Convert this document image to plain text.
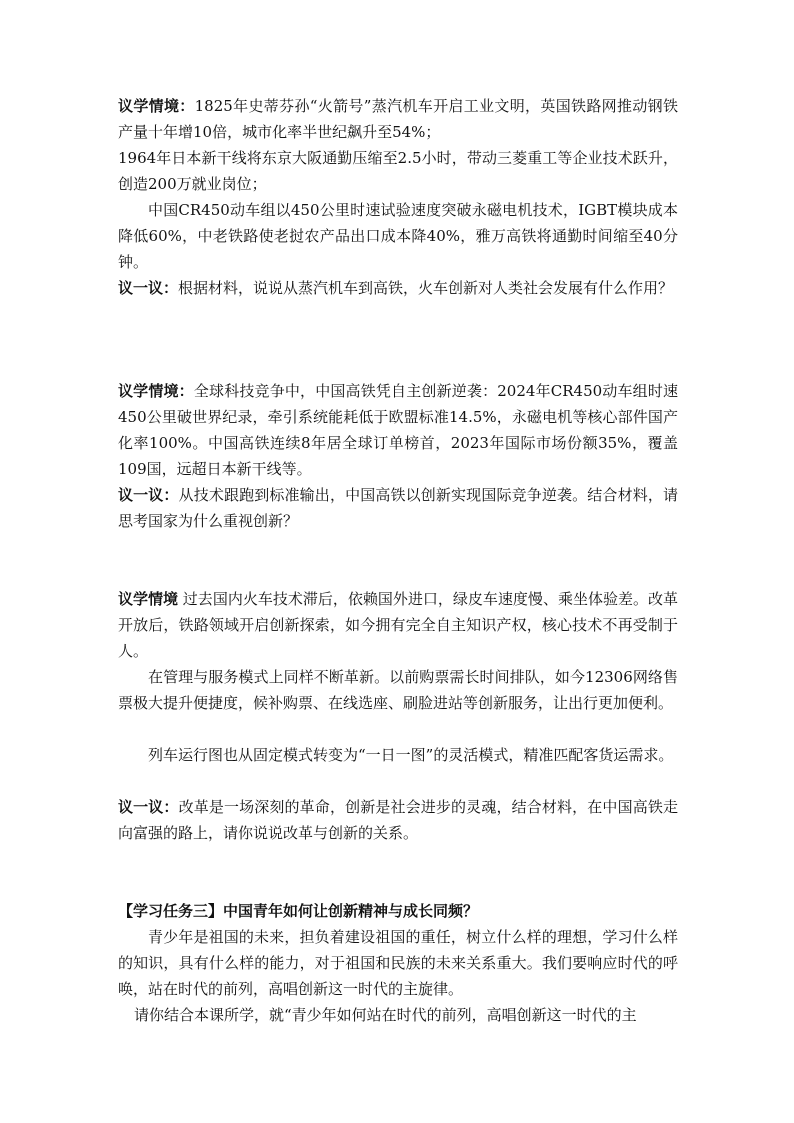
议学情境：1825年史蒂芬孙“火箭号”蒸汽机车开启工业文明，英国铁路网推动钢铁产量十年增10倍，城市化率半世纪飙升至54%；

1964年日本新干线将东京大阪通勤压缩至2.5小时，带动三菱重工等企业技术跃升，创造200万就业岗位；

中国CR450动车组以450公里时速试验速度突破永磁电机技术，IGBT模块成本降低60%，中老铁路使老挝农产品出口成本降40%，雅万高铁将通勤时间缩至40分钟。

议一议：根据材料，说说从蒸汽机车到高铁，火车创新对人类社会发展有什么作用？

议学情境：全球科技竞争中，中国高铁凭自主创新逆袭：2024年CR450动车组时速450公里破世界纪录，牵引系统能耗低于欧盟标准14.5%，永磁电机等核心部件国产化率100%。中国高铁连续8年居全球订单榜首，2023年国际市场份额35%，覆盖109国，远超日本新干线等。

议一议：从技术跟跑到标准输出，中国高铁以创新实现国际竞争逆袭。结合材料，请思考国家为什么重视创新？

议学情境 过去国内火车技术滞后，依赖国外进口，绿皮车速度慢、乘坐体验差。改革开放后，铁路领域开启创新探索，如今拥有完全自主知识产权，核心技术不再受制于人。

在管理与服务模式上同样不断革新。以前购票需长时间排队，如今12306网络售票极大提升便捷度，候补购票、在线选座、刷脸进站等创新服务，让出行更加便利。

列车运行图也从固定模式转变为“一日一图”的灵活模式，精准匹配客货运需求。

议一议：改革是一场深刻的革命，创新是社会进步的灵魂，结合材料，在中国高铁走向富强的路上，请你说说改革与创新的关系。

【学习任务三】中国青年如何让创新精神与成长同频？

青少年是祖国的未来，担负着建设祖国的重任，树立什么样的理想，学习什么样的知识，具有什么样的能力，对于祖国和民族的未来关系重大。我们要响应时代的呼唤，站在时代的前列，高唱创新这一时代的主旋律。

请你结合本课所学，就“青少年如何站在时代的前列，高唱创新这一时代的主
